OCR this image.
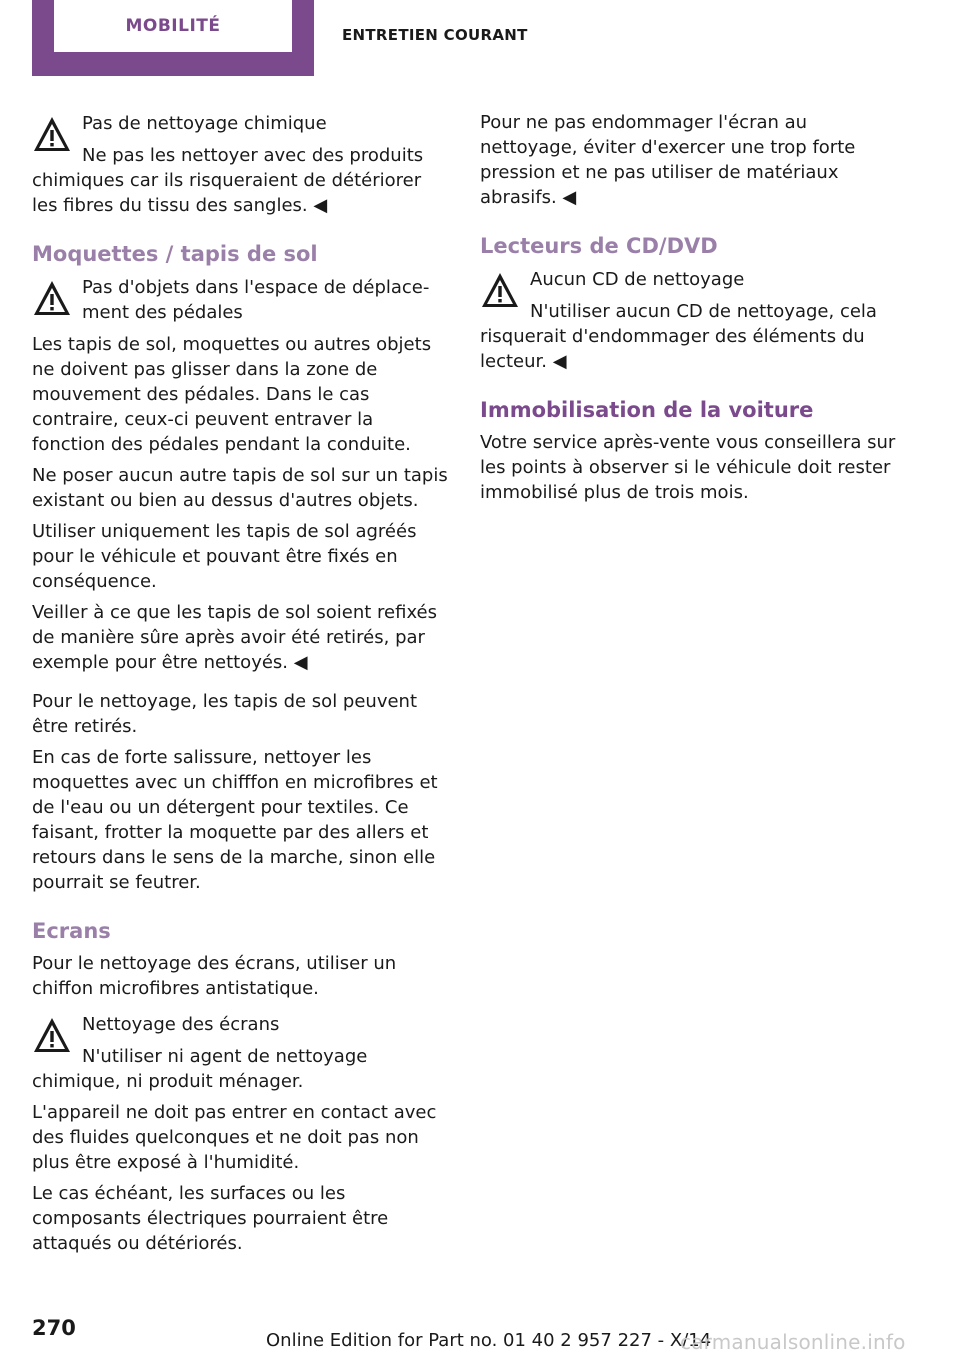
MOBILITÉ	ENTRETIEN COURANT
Pas de nettoyage chimique
Ne pas les nettoyer avec des produits chimiques car ils risqueraient de détériorer les fibres du tissu des sangles. ◀
Moquettes / tapis de sol
Pas d'objets dans l'espace de déplacement des pédales
Les tapis de sol, moquettes ou autres objets ne doivent pas glisser dans la zone de mouvement des pédales. Dans le cas contraire, ceux-ci peuvent entraver la fonction des pédales pendant la conduite.

Ne poser aucun autre tapis de sol sur un tapis existant ou bien au dessus d'autres objets.

Utiliser uniquement les tapis de sol agréés pour le véhicule et pouvant être fixés en conséquence.

Veiller à ce que les tapis de sol soient refixés de manière sûre après avoir été retirés, par exemple pour être nettoyés. ◀

Pour le nettoyage, les tapis de sol peuvent être retirés.

En cas de forte salissure, nettoyer les moquettes avec un chifffon en microfibres et de l'eau ou un détergent pour textiles. Ce faisant, frotter la moquette par des allers et retours dans le sens de la marche, sinon elle pourrait se feutrer.

Ecrans

Pour le nettoyage des écrans, utiliser un chiffon microfibres antistatique.

Nettoyage des écrans
N'utiliser ni agent de nettoyage chimique, ni produit ménager.

L'appareil ne doit pas entrer en contact avec des fluides quelconques et ne doit pas non plus être exposé à l'humidité.

Le cas échéant, les surfaces ou les composants électriques pourraient être attaqués ou détériorés.

Pour ne pas endommager l'écran au nettoyage, éviter d'exercer une trop forte pression et ne pas utiliser de matériaux abrasifs. ◀

Lecteurs de CD/DVD
Aucun CD de nettoyage
N'utiliser aucun CD de nettoyage, cela risquerait d'endommager des éléments du lecteur. ◀
Immobilisation de la voiture

Votre service après-vente vous conseillera sur les points à observer si le véhicule doit rester immobilisé plus de trois mois.

270
Online Edition for Part no. 01 40 2 957 227 - X/14
carmanualsonline.info
